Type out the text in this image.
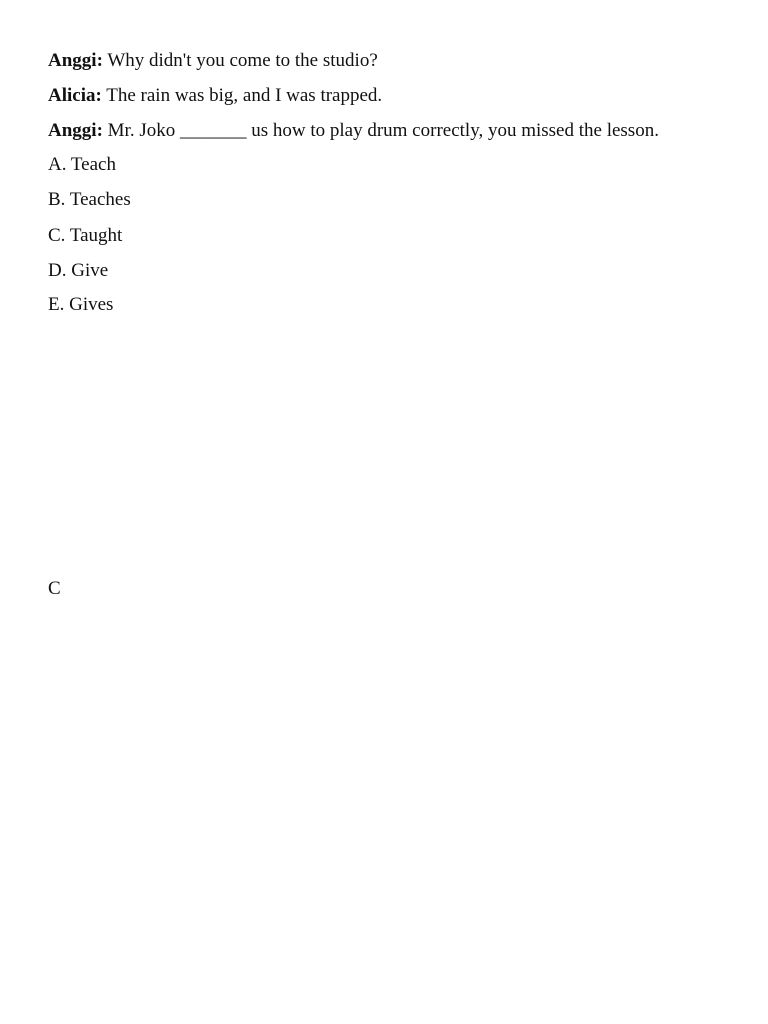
Anggi: Why didn't you come to the studio?
Alicia: The rain was big, and I was trapped.
Anggi: Mr. Joko _______ us how to play drum correctly, you missed the lesson.
A. Teach
B. Teaches
C. Taught
D. Give
E. Gives
C
